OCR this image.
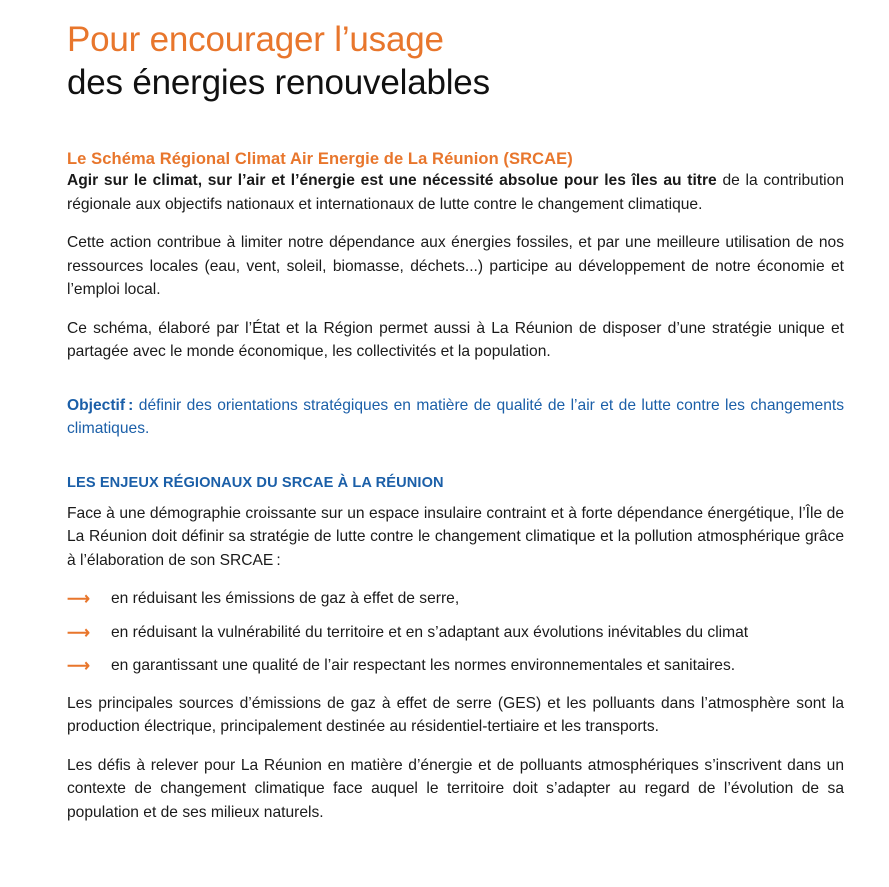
Pour encourager l’usage
des énergies renouvelables
Le Schéma Régional Climat Air Energie de La Réunion (SRCAE)

Agir sur le climat, sur l’air et l’énergie est une nécessité absolue pour les îles au titre de la contribution régionale aux objectifs nationaux et internationaux de lutte contre le changement climatique.

Cette action contribue à limiter notre dépendance aux énergies fossiles, et par une meilleure utilisation de nos ressources locales (eau, vent, soleil, biomasse, déchets...) participe au développement de notre économie et l’emploi local.

Ce schéma, élaboré par l’État et la Région permet aussi à La Réunion de disposer d’une stratégie unique et partagée avec le monde économique, les collectivités et la population.

Objectif : définir des orientations stratégiques en matière de qualité de l’air et de lutte contre les changements climatiques.

LES ENJEUX RÉGIONAUX DU SRCAE À LA RÉUNION

Face à une démographie croissante sur un espace insulaire contraint et à forte dépendance énergétique, l’Île de La Réunion doit définir sa stratégie de lutte contre le changement climatique et la pollution atmosphérique grâce à l’élaboration de son SRCAE :

⟶ en réduisant les émissions de gaz à effet de serre,
⟶ en réduisant la vulnérabilité du territoire et en s’adaptant aux évolutions inévitables du climat
⟶ en garantissant une qualité de l’air respectant les normes environnementales et sanitaires.

Les principales sources d’émissions de gaz à effet de serre (GES) et les polluants dans l’atmosphère sont la production électrique, principalement destinée au résidentiel-tertiaire et les transports.

Les défis à relever pour La Réunion en matière d’énergie et de polluants atmosphériques s’inscrivent dans un contexte de changement climatique face auquel le territoire doit s’adapter au regard de l’évolution de sa population et de ses milieux naturels.
